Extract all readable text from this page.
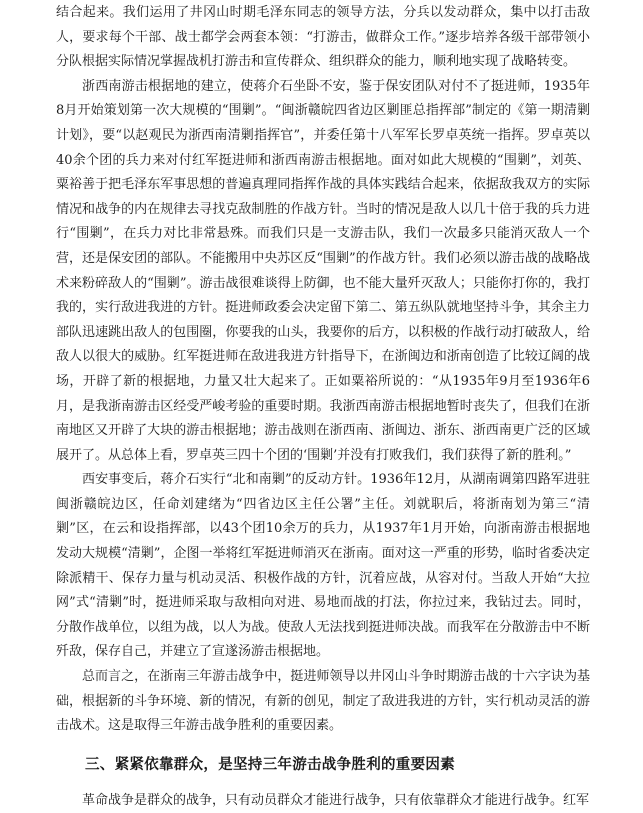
结合起来。我们运用了井冈山时期毛泽东同志的领导方法，分兵以发动群众，集中以打击敌人，要求每个干部、战士都学会两套本领：“打游击，做群众工作。”逐步培养各级干部带领小分队根据实际情况掌握战机打游击和宣传群众、组织群众的能力，顺利地实现了战略转变。

浙西南游击根据地的建立，使蒋介石坐卧不安，鉴于保安团队对付不了挺进师，1935年8月开始策划第一次大规模的“围剿”。“闽浙赣皖四省边区剿匪总指挥部”制定的《第一期清剿计划》，要“以赵观民为浙西南清剿指挥官”，并委任第十八军军长罗卓英统一指挥。罗卓英以40余个团的兵力来对付红军挺进师和浙西南游击根据地。面对如此大规模的“围剿”，刘英、粟裕善于把毛泽东军事思想的普遍真理同指挥作战的具体实践结合起来，依据敌我双方的实际情况和战争的内在规律去寻找克敌制胜的作战方针。当时的情况是敌人以几十倍于我的兵力进行“围剿”，在兵力对比非常悬殊。而我们只是一支游击队，我们一次最多只能消灭敌人一个营，还是保安团的部队。不能搬用中央苏区反“围剿”的作战方针。我们必须以游击战的战略战术来粉碎敌人的“围剿”。游击战很难谈得上防御，也不能大量歼灭敌人；只能你打你的，我打我的，实行敌进我进的方针。挺进师政委会决定留下第二、第五纵队就地坚持斗争，其余主力部队迅速跳出敌人的包围圈，你要我的山头，我要你的后方，以积极的作战行动打破敌人，给敌人以很大的威胁。红军挺进师在敌进我进方针指导下，在浙闽边和浙南创造了比较辽阔的战场，开辟了新的根据地，力量又壮大起来了。正如粟裕所说的：“从1935年9月至1936年6月，是我浙南游击区经受严峻考验的重要时期。我浙西南游击根据地暂时丧失了，但我们在浙南地区又开辟了大块的游击根据地；游击战则在浙西南、浙闽边、浙东、浙西南更广泛的区域展开了。从总体上看，罗卓英三四十个团的‘围剿’并没有打败我们，我们获得了新的胜利。”

西安事变后，蒋介石实行“北和南剿”的反动方针。1936年12月，从湖南调第四路军进驻闽浙赣皖边区，任命刘建绪为“四省边区主任公署”主任。刘就职后，将浙南划为第三“清剿”区，在云和设指挥部，以43个团10余万的兵力，从1937年1月开始，向浙南游击根据地发动大规模“清剿”，企图一举将红军挺进师消灭在浙南。面对这一严重的形势，临时省委决定除派精干、保存力量与机动灵活、积极作战的方针，沉着应战，从容对付。当敌人开始“大拉网”式“清剿”时，挺进师采取与敌相向对进、易地而战的打法，你拉过来，我钻过去。同时，分散作战单位，以组为战，以人为战。使敌人无法找到挺进师决战。而我军在分散游击中不断歼敌，保存自己，并建立了宣遂汤游击根据地。

总而言之，在浙南三年游击战争中，挺进师领导以井冈山斗争时期游击战的十六字诀为基础，根据新的斗争环境、新的情况，有新的创见，制定了敌进我进的方针，实行机动灵活的游击战术。这是取得三年游击战争胜利的重要因素。

三、紧紧依靠群众，是坚持三年游击战争胜利的重要因素

革命战争是群众的战争，只有动员群众才能进行战争，只有依靠群众才能进行战争。红军
